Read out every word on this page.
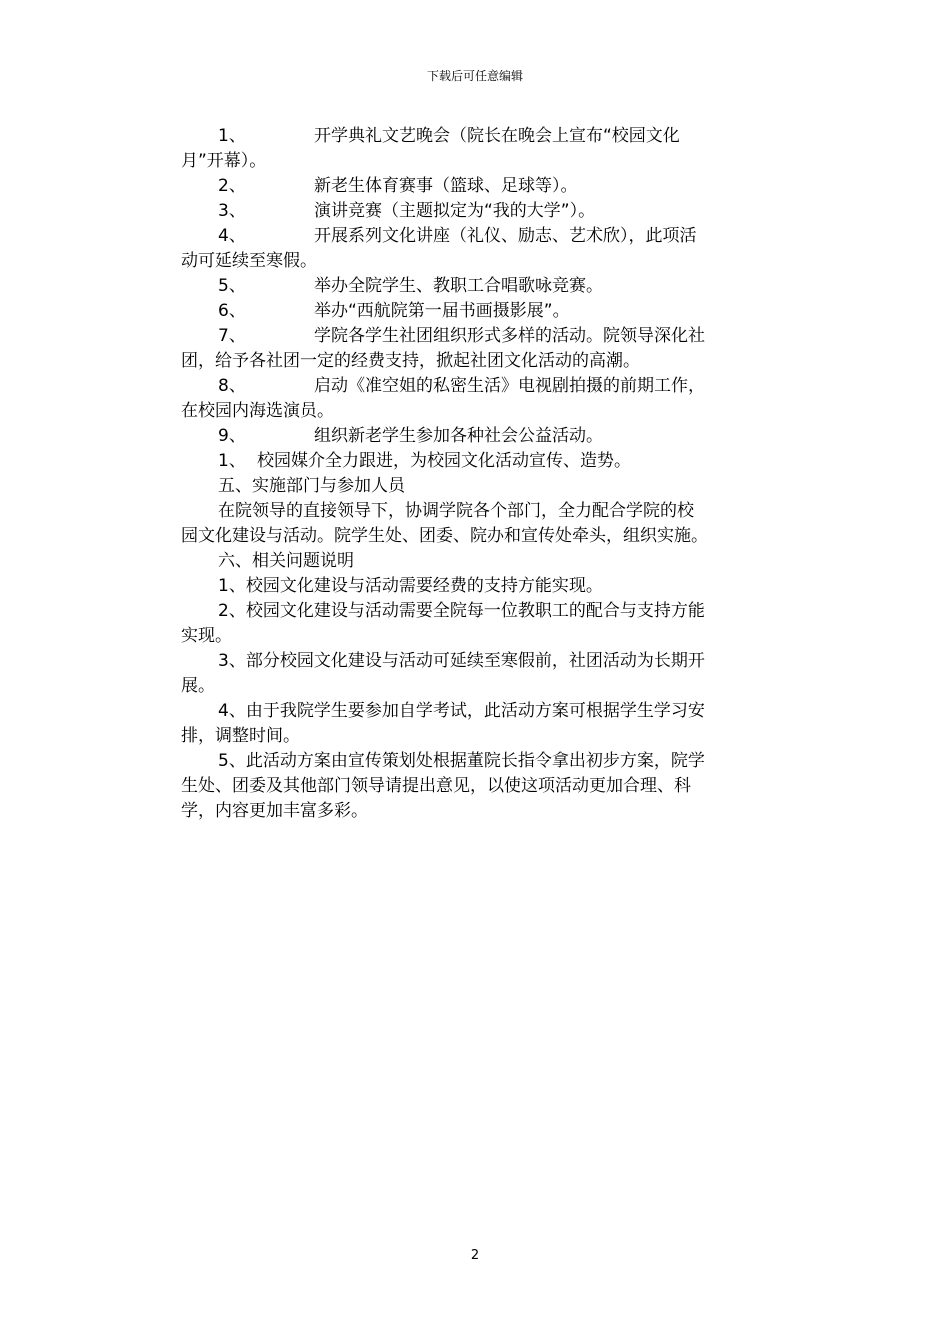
下载后可任意编辑
1、	开学典礼文艺晚会（院长在晚会上宣布“校园文化
月”开幕）。
2、	新老生体育赛事（篮球、足球等）。
3、	演讲竞赛（主题拟定为“我的大学”）。
4、	开展系列文化讲座（礼仪、励志、艺术欣），此项活
动可延续至寒假。
5、	举办全院学生、教职工合唱歌咏竞赛。
6、	举办“西航院第一届书画摄影展”。
7、	学院各学生社团组织形式多样的活动。院领导深化社
团，给予各社团一定的经费支持，掀起社团文化活动的高潮。
8、	启动《准空姐的私密生活》电视剧拍摄的前期工作，
在校园内海选演员。
9、	组织新老学生参加各种社会公益活动。
1、 校园媒介全力跟进，为校园文化活动宣传、造势。
五、实施部门与参加人员
在院领导的直接领导下，协调学院各个部门，全力配合学院的校
园文化建设与活动。院学生处、团委、院办和宣传处牵头，组织实施。
六、相关问题说明
1、校园文化建设与活动需要经费的支持方能实现。
2、校园文化建设与活动需要全院每一位教职工的配合与支持方能
实现。
3、部分校园文化建设与活动可延续至寒假前，社团活动为长期开
展。
4、由于我院学生要参加自学考试，此活动方案可根据学生学习安
排，调整时间。
5、此活动方案由宣传策划处根据董院长指令拿出初步方案，院学
生处、团委及其他部门领导请提出意见，以使这项活动更加合理、科
学，内容更加丰富多彩。
2
